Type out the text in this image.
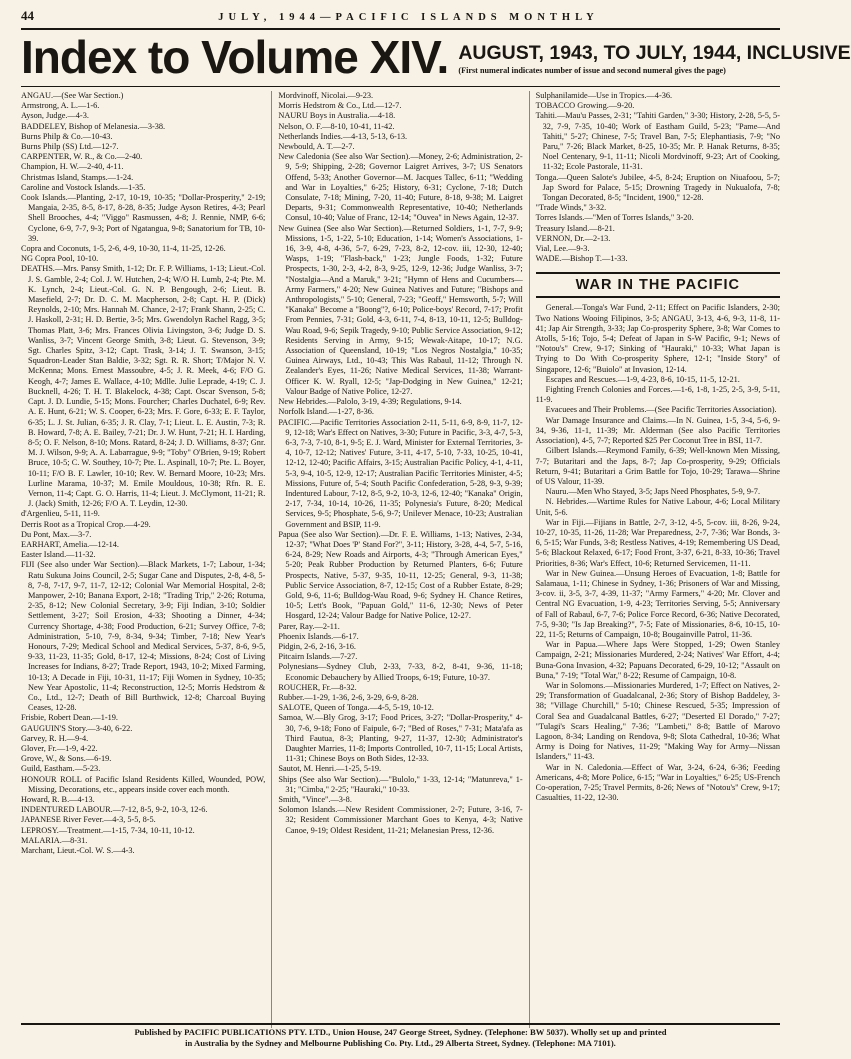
44	JULY, 1944—PACIFIC ISLANDS MONTHLY
Index to Volume XIV. AUGUST, 1943, TO JULY, 1944, INCLUSIVE
(First numeral indicates number of issue and second numeral gives the page)

ANGAU.—(See War Section.)

Armstrong, A. L.—1-6.

Ayson, Judge.—4-3.

BADDELEY, Bishop of Melanesia.—3-38.

Burns Philp & Co.—10-43.

Burns Philp (SS) Ltd.—12-7.

CARPENTER, W. R., & Co.—2-40.

Champion, H. W.—2-40, 4-11.

Christmas Island, Stamps.—1-24.

Caroline and Vostock Islands.—1-35.

Cook Islands.—Planting, 2-17, 10-19, 10-35; "Dollar-Prosperity," 2-19; Mangaia, 2-35, 8-5, 8-17, 8-28, 8-35; Judge Ayson Retires, 4-3; Pearl Shell Brooches, 4-4; "Viggo" Rasmussen, 4-8; J. Rennie, NMP, 6-6; Cyclone, 6-9, 7-7, 9-3; Port of Ngatangua, 9-8; Sanatorium for TB, 10-39.

Copra and Coconuts, 1-5, 2-6, 4-9, 10-30, 11-4, 11-25, 12-26.

NG Copra Pool, 10-10.

DEATHS.—Mrs. Pansy Smith, 1-12; Dr. F. P. Williams, 1-13; Lieut.-Col. J. S. Gamble, 2-4; Col. J. W. Hutchen, 2-4; W/O H. Lumb, 2-4; Pte. M. K. Lynch, 2-4; Lieut.-Col. G. N. P. Bengough, 2-6; Lieut. B. Masefield, 2-7; Dr. D. C. M. Macpherson, 2-8; Capt. H. P. (Dick) Reynolds, 2-10; Mrs. Hannah M. Chance, 2-17; Frank Shann, 2-25; C. J. Haskoll, 2-31; H. D. Bertie, 3-5; Mrs. Gwendolyn Rachel Ragg, 3-5; Thomas Platt, 3-6; Mrs. Frances Olivia Livingston, 3-6; Judge D. S. Wanliss, 3-7; Vincent George Smith, 3-8; Lieut. G. Stevenson, 3-9; Sgt. Charles Spitz, 3-12; Capt. Trask, 3-14; J. T. Swanson, 3-15; Squadron-Leader Stan Baldie, 3-32; Sgt. R. R. Short; T/Major N. V. McKenna; Mons. Ernest Massoubre, 4-5; J. R. Meek, 4-6; F/O G. Keogh, 4-7; James E. Wallace, 4-10; Mdlle. Julie Leprade, 4-19; C. J. Bucknell, 4-26; T. H. T. Blakelock, 4-38; Capt. Oscar Svenson, 5-8; Capt. J. D. Lundie, 5-15; Mons. Fourcher; Charles Duchatel, 6-9; Rev. A. E. Hunt, 6-21; W. S. Cooper, 6-23; Mrs. F. Gore, 6-33; E. F. Taylor, 6-35; L. J. St. Julian, 6-35; J. R. Clay, 7-1; Lieut. L. E. Austin, 7-3; R. B. Howard, 7-8; A. E. Bailey, 7-21; Dr. J. W. Hunt, 7-21; H. I. Harding, 8-5; O. F. Nelson, 8-10; Mons. Ratard, 8-24; J. D. Williams, 8-37; Gnr. M. J. Wilson, 9-9; A. A. Labarrague, 9-9; "Toby" O'Brien, 9-19; Robert Bruce, 10-5; C. W. Southey, 10-7; Pte. L. Aspinall, 10-7; Pte. L. Boyer, 10-11; F/O B. F. Lawler, 10-10; Rev. W. Bernard Moore, 10-23; Mrs. Lurline Marama, 10-37; M. Emile Mouldous, 10-38; Rfn. R. E. Vernon, 11-4; Capt. G. O. Harris, 11-4; Lieut. J. McClymont, 11-21; R. J. (Jack) Smith, 12-26; F/O A. T. Leydin, 12-30.

d'Argenlieu, 5-11, 11-9.

Derris Root as a Tropical Crop.—4-29.

Du Pont, Max.—3-7.

EARHART, Amelia.—12-14.

Easter Island.—11-32.

FIJI (See also under War Section).—Black Markets, 1-7; Labour, 1-34; Ratu Sukuna Joins Council, 2-5; Sugar Cane and Disputes, 2-8, 4-8, 5-8, 7-8, 7-17, 9-7, 11-7, 12-12; Colonial War Memorial Hospital, 2-8; Manpower, 2-10; Banana Export, 2-18; "Trading Trip," 2-26; Rotuma, 2-35, 8-12; New Colonial Secretary, 3-9; Fiji Indian, 3-10; Soldier Settlement, 3-27; Soil Erosion, 4-33; Shooting a Dinner, 4-34; Currency Shortage, 4-38; Food Production, 6-21; Survey Office, 7-8; Administration, 5-10, 7-9, 8-34, 9-34; Timber, 7-18; New Year's Honours, 7-29; Medical School and Medical Services, 5-37, 8-6, 9-5, 9-33, 11-23, 11-35; Gold, 8-17, 12-4; Missions, 8-24; Cost of Living Increases for Indians, 8-27; Trade Report, 1943, 10-2; Mixed Farming, 10-13; A Decade in Fiji, 10-31, 11-17; Fiji Women in Sydney, 10-35; New Year Apostolic, 11-4; Reconstruction, 12-5; Morris Hedstrom & Co., Ltd., 12-7; Death of Bill Burthwick, 12-8; Charcoal Buying Ceases, 12-28.

Frisbie, Robert Dean.—1-19.

GAUGUIN'S Story.—3-40, 6-22.

Garvey, R. H.—9-4.

Glover, Fr.—1-9, 4-22.

Grove, W., & Sons.—6-19.

Guild, Eastham.—5-23.

HONOUR ROLL of Pacific Island Residents Killed, Wounded, POW, Missing, Decorations, etc., appears inside cover each month.

Howard, R. B.—4-13.

INDENTURED LABOUR.—7-12, 8-5, 9-2, 10-3, 12-6.

JAPANESE River Fever.—4-3, 5-5, 8-5.

LEPROSY.—Treatment.—1-15, 7-34, 10-11, 10-12.

MALARIA.—8-31.

Marchant, Lieut.-Col. W. S.—4-3.

Mordvinoff, Nicolai.—9-23.

Morris Hedstrom & Co., Ltd.—12-7.

NAURU Boys in Australia.—4-18.

Nelson, O. F.—8-10, 10-41, 11-42.

Netherlands Indies.—4-13, 5-13, 6-13.

Newbould, A. T.—2-7.

New Caledonia (See also War Section).—Money, 2-6; Administration, 2-9, 5-9; Shipping, 2-28; Governor Laigret Arrives, 3-7; US Senators Offend, 5-33; Another Governor—M. Jacques Tallec, 6-11; "Wedding and War in Loyalties," 6-25; History, 6-31; Cyclone, 7-18; Dutch Consulate, 7-18; Mining, 7-20, 11-40; Future, 8-18, 9-38; M. Laigret Departs, 9-31; Commonwealth Representative, 10-40; Netherlands Consul, 10-40; Value of Franc, 12-14; "Ouvea" in News Again, 12-37.

New Guinea (See also War Section).—Returned Soldiers, 1-1, 7-7, 9-9; Missions, 1-5, 1-22, 5-10; Education, 1-14; Women's Associations, 1-16, 3-9, 4-8, 4-36, 5-7, 6-29, 7-23, 8-2, 12-cov. iii, 12-30, 12-40; Wasps, 1-19; "Flash-back," 1-23; Jungle Foods, 1-32; Future Prospects, 1-30, 2-3, 4-2, 8-3, 9-25, 12-9, 12-36; Judge Wanliss, 3-7; "Nostalgia—And a Maruk," 3-21; "Hymn of Hens and Cucumbers—Army Farmers," 4-20; New Guinea Natives and Future; "Bishops and Anthropologists," 5-10; General, 7-23; "Geoff," Hemsworth, 5-7; Will "Kanaka" Become a "Boong"?, 6-10; Police-boys' Record, 7-17; Profit From Pennies, 7-31; Gold, 4-3, 6-11, 7-4, 8-13, 10-11, 12-5; Bulldog-Wau Road, 9-6; Sepik Tragedy, 9-10; Public Service Association, 9-12; Residents Serving in Army, 9-15; Wewak-Aitape, 10-17; N.G. Association of Queensland, 10-19; "Los Negros Nostalgia," 10-35; Guinea Airways, Ltd., 10-43; This Was Rabaul, 11-12; Through N. Zealander's Eyes, 11-26; Native Medical Services, 11-38; Warrant-Officer K. W. Ryall, 12-5; "Jap-Dodging in New Guinea," 12-21; Valour Badge of Native Police, 12-27.

New Hebrides.—Palolo, 3-19, 4-39; Regulations, 9-14.

Norfolk Island.—1-27, 8-36.

PACIFIC.—Pacific Territories Association 2-11, 5-11, 6-9, 8-9, 11-7, 12-9, 12-18; War's Effect on Natives, 3-30; Future in Pacific, 3-3, 4-7, 5-3, 6-3, 7-3, 7-10, 8-1, 9-5; E. J. Ward, Minister for External Territories, 3-4, 10-7, 12-12; Natives' Future, 3-11, 4-17, 5-10, 7-33, 10-25, 10-41, 12-12, 12-40; Pacific Affairs, 3-15; Australian Pacific Policy, 4-1, 4-11, 5-3, 9-4, 10-5, 12-9, 12-17; Australian Pacific Territories Minister, 4-5; Missions, Future of, 5-4; South Pacific Confederation, 5-28, 9-3, 9-39; Indentured Labour, 7-12, 8-5, 9-2, 10-3, 12-6, 12-40; "Kanaka" Origin, 2-17, 7-34, 10-14, 10-26, 11-35; Polynesia's Future, 8-20; Medical Services, 9-5; Phosphate, 5-6, 9-7; Unilever Menace, 10-23; Australian Government and BSIP, 11-9.

Papua (See also War Section).—Dr. F. E. Williams, 1-13; Natives, 2-34, 12-37; "What Does 'P' Stand For?", 3-11; History, 3-28, 4-4, 5-7, 5-16, 6-24, 8-29; New Roads and Airports, 4-3; "Through American Eyes," 5-20; Peak Rubber Production by Returned Planters, 6-6; Future Prospects, Native, 5-37, 9-35, 10-11, 12-25; General, 9-3, 11-38; Public Service Association, 8-7, 12-15; Cost of a Rubber Estate, 8-29; Gold, 9-6, 11-6; Bulldog-Wau Road, 9-6; Sydney H. Chance Retires, 10-5; Lett's Book, "Papuan Gold," 11-6, 12-30; News of Peter Hosgard, 12-24; Valour Badge for Native Police, 12-27.

Parer, Ray.—2-11.

Phoenix Islands.—6-17.

Pidgin, 2-6, 2-16, 3-16.

Pitcairn Islands.—7-27.

Polynesians—Sydney Club, 2-33, 7-33, 8-2, 8-41, 9-36, 11-18; Economic Debauchery by Allied Troops, 6-19; Future, 10-37.

ROUCHER, Fr.—8-32.

Rubber.—1-29, 1-36, 2-6, 3-29, 6-9, 8-28.

SALOTE, Queen of Tonga.—4-5, 5-19, 10-12.

Samoa, W.—Bly Grog, 3-17; Food Prices, 3-27; "Dollar-Prosperity," 4-30, 7-6, 9-18; Fono of Faipule, 6-7; "Bed of Roses," 7-31; Mata'afa as Third Fautua, 8-3; Planting, 9-27, 11-37, 12-30; Administrator's Daughter Marries, 11-8; Imports Controlled, 10-7, 11-15; Local Artists, 11-31; Chinese Boys on Both Sides, 12-33.

Sautot, M. Henri.—1-25, 5-19.

Ships (See also War Section).—"Bulolo," 1-33, 12-14; "Matunreva," 1-31; "Cimba," 2-25; "Hauraki," 10-33.

Smith, "Vince".—3-8.

Solomon Islands.—New Resident Commissioner, 2-7; Future, 3-16, 7-32; Resident Commissioner Marchant Goes to Kenya, 4-3; Native Canoe, 9-19; Oldest Resident, 11-21; Melanesian Press, 12-36.

Sulphanilamide—Use in Tropics.—4-36.

TOBACCO Growing.—9-20.

Tahiti.—Mau'u Passes, 2-31; "Tahiti Garden," 3-30; History, 2-28, 5-5, 5-32, 7-9, 7-35, 10-40; Work of Eastham Guild, 5-23; "Pame—And Tahiti," 5-27; Chinese, 7-5; Travel Ban, 7-5; Elephantiasis, 7-9; "No Paru," 7-26; Black Market, 8-25, 10-35; Mr. P. Hanak Returns, 8-35; Noel Centenary, 9-1, 11-11; Nicoli Mordvinoff, 9-23; Art of Cooking, 11-32; Ecole Pastorale, 11-31.

Tonga.—Queen Salote's Jubilee, 4-5, 8-24; Eruption on Niuafoou, 5-7; Jap Sword for Palace, 5-15; Drowning Tragedy in Nukualofa, 7-8; Tongan Decorated, 8-5; "Incident, 1900," 12-28.

"Trade Winds," 3-32.

Torres Islands.—"Men of Torres Islands," 3-20.

Treasury Island.—8-21.

VERNON, Dr.—2-13.

Vial, Lee.—9-3.

WADE.—Bishop T.—1-33.

WAR IN THE PACIFIC

General.—Tonga's War Fund, 2-11; Effect on Pacific Islanders, 2-30; Two Nations Wooing Filipinos, 3-5; ANGAU, 3-13, 4-6, 9-3, 11-8, 11-41; Jap Air Strength, 3-33; Jap Co-prosperity Sphere, 3-8; War Comes to Atolls, 5-16; Tojo, 5-4; Defeat of Japan in S-W Pacific, 9-1; News of "Notou's" Crew, 9-17; Sinking of "Hauraki," 10-33; What Japan is Trying to Do With Co-prosperity Sphere, 12-1; "Inside Story" of Singapore, 12-6; "Buiolo" at Invasion, 12-14.

Escapes and Rescues.—1-9, 4-23, 8-6, 10-15, 11-5, 12-21.

Fighting French Colonies and Forces.—1-6, 1-8, 1-25, 2-5, 3-9, 5-11, 11-9.

Evacuees and Their Problems.—(See Pacific Territories Association).

War Damage Insurance and Claims.—In N. Guinea, 1-5, 3-4, 5-6, 9-34, 9-36, 11-1, 11-39; Mr. Alderman (See also Pacific Territories Association), 4-5, 7-7; Reported $25 Per Coconut Tree in BSI, 11-7.

Gilbert Islands.—Reymond Family, 6-39; Well-known Men Missing, 7-7; Butaritari and the Japs, 8-7; Jap Co-prosperity, 9-29; Officials Return, 9-41; Butaritari a Grim Battle for Tojo, 10-29; Tarawa—Shrine of US Valour, 11-39.

Nauru.—Men Who Stayed, 3-5; Japs Need Phosphates, 5-9, 9-7.

N. Hebrides.—Wartime Rules for Native Labour, 4-6; Local Military Unit, 5-6.

War in Fiji.—Fijians in Battle, 2-7, 3-12, 4-5, 5-cov. iii, 8-26, 9-24, 10-27, 10-35, 11-26, 11-28; War Preparedness, 2-7, 7-36; War Bonds, 3-6, 5-15; War Funds, 3-8; Restless Natives, 4-19; Remembering US Dead, 5-6; Blackout Relaxed, 6-17; Food Front, 3-37, 6-21, 8-33, 10-36; Travel Priorities, 8-36; War's Effect, 10-6; Returned Servicemen, 11-11.

War in New Guinea.—Unsung Heroes of Evacuation, 1-8; Battle for Salamaua, 1-11; Chinese in Sydney, 1-36; Prisoners of War and Missing, 3-cov. ii, 3-5, 3-7, 4-39, 11-37; "Army Farmers," 4-20; Mr. Clover and Central NG Evacuation, 1-9, 4-23; Territories Serving, 5-5; Anniversary of Fall of Rabaul, 6-7, 7-6; Police Force Record, 6-36; Native Decorated, 7-5, 9-30; "Is Jap Breaking?", 7-5; Fate of Missionaries, 8-6, 10-15, 10-22, 11-5; Returns of Campaign, 10-8; Bougainville Patrol, 11-36.

War in Papua.—Where Japs Were Stopped, 1-29; Owen Stanley Campaign, 2-21; Missionaries Murdered, 2-24; Natives' War Effort, 4-4; Buna-Gona Invasion, 4-32; Papuans Decorated, 6-29, 10-12; "Assault on Buna," 7-19; "Total War," 8-22; Resume of Campaign, 10-8.

War in Solomons.—Missionaries Murdered, 1-7; Effect on Natives, 2-29; Transformation of Guadalcanal, 2-36; Story of Bishop Baddeley, 3-38; "Village Churchill," 5-10; Chinese Rescued, 5-35; Impression of Coral Sea and Guadalcanal Battles, 6-27; "Deserted El Dorado," 7-27; "Tulagi's Scars Healing," 7-36; "Lambeti," 8-8; Battle of Marovo Lagoon, 8-34; Landing on Rendova, 9-8; Slota Cathedral, 10-36; What Army is Doing for Natives, 11-29; "Making Way for Army—Nissan Islanders," 11-43.

War in N. Caledonia.—Effect of War, 3-24, 6-24, 6-36; Feeding Americans, 4-8; More Police, 6-15; "War in Loyalties," 6-25; US-French Co-operation, 7-25; Travel Permits, 8-26; News of "Notou's" Crew, 9-17; Casualties, 11-22, 12-30.

Published by PACIFIC PUBLICATIONS PTY. LTD., Union House, 247 George Street, Sydney. (Telephone: BW 5037). Wholly set up and printed
in Australia by the Sydney and Melbourne Publishing Co. Pty. Ltd., 29 Alberta Street, Sydney. (Telephone: MA 7101).
